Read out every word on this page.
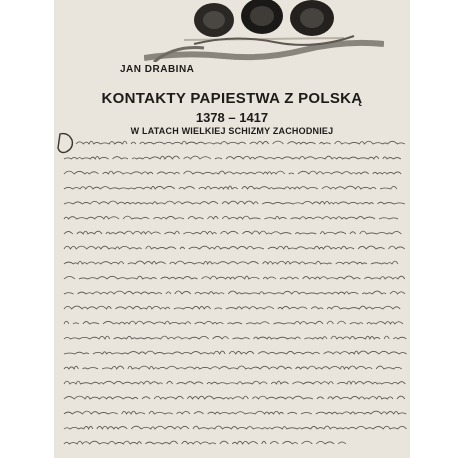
JAN DRABINA
KONTAKTY PAPIESTWA Z POLSKĄ
1378 – 1417
W LATACH WIELKIEJ SCHIZMY ZACHODNIEJ
